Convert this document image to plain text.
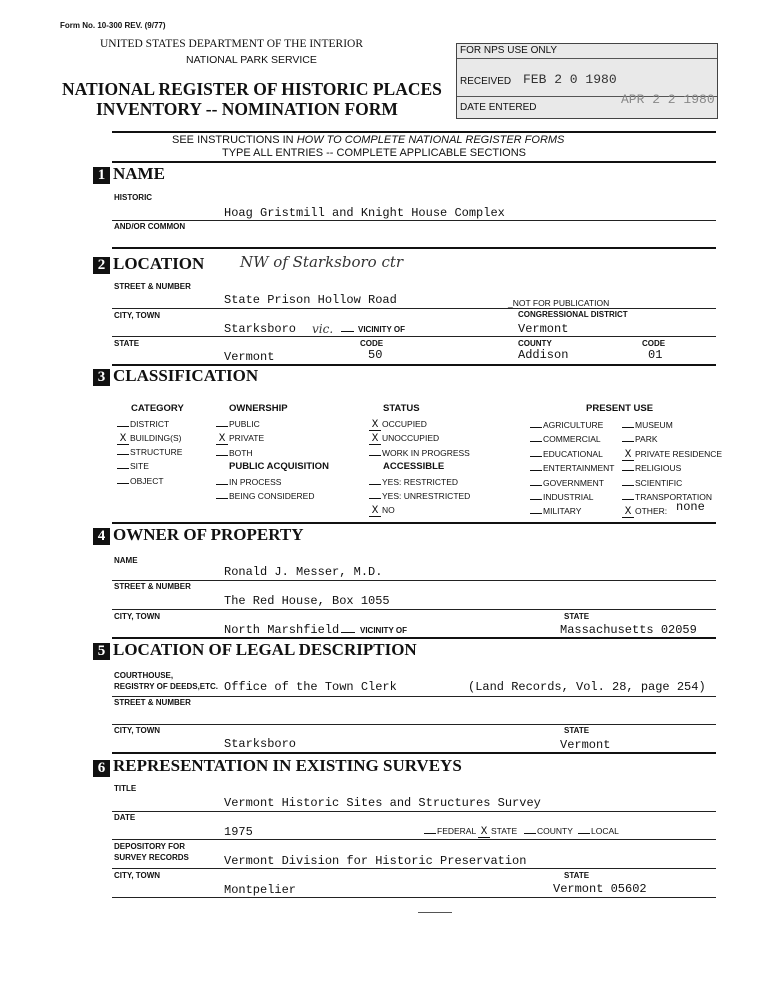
Form No. 10-300 REV. (9/77)
UNITED STATES DEPARTMENT OF THE INTERIOR
NATIONAL PARK SERVICE
NATIONAL REGISTER OF HISTORIC PLACES
INVENTORY -- NOMINATION FORM
FOR NPS USE ONLY
RECEIVED FEB 2 0 1980
DATE ENTERED
APR 2 2 1980
SEE INSTRUCTIONS IN HOW TO COMPLETE NATIONAL REGISTER FORMS
TYPE ALL ENTRIES -- COMPLETE APPLICABLE SECTIONS
1 NAME
HISTORIC
Hoag Gristmill and Knight House Complex
AND/OR COMMON
2 LOCATION NW of Starksboro ctr
STREET & NUMBER
State Prison Hollow Road	_NOT FOR PUBLICATION
CITY, TOWN	CONGRESSIONAL DISTRICT
Starksboro vic.	VICINITY OF	Vermont
STATE	CODE	COUNTY	CODE
Vermont	50	Addison	01
3 CLASSIFICATION
CATEGORY	OWNERSHIP	STATUS	PRESENT USE
PUBLIC ACQUISITION	ACCESSIBLE
DISTRICT
X BUILDING(S)
STRUCTURE
SITE
OBJECT
PUBLIC
X PRIVATE
BOTH
IN PROCESS
BEING CONSIDERED
X OCCUPIED
X UNOCCUPIED
WORK IN PROGRESS
YES: RESTRICTED
YES: UNRESTRICTED
X NO
AGRICULTURE
COMMERCIAL
EDUCATIONAL
ENTERTAINMENT
GOVERNMENT
INDUSTRIAL
MILITARY
MUSEUM
PARK
X PRIVATE RESIDENCE
RELIGIOUS
SCIENTIFIC
TRANSPORTATION
X OTHER: none
4 OWNER OF PROPERTY
NAME
Ronald J. Messer, M.D.
STREET & NUMBER
The Red House, Box 1055
CITY, TOWN	STATE
North Marshfield	VICINITY OF	Massachusetts 02059
5 LOCATION OF LEGAL DESCRIPTION
COURTHOUSE,
REGISTRY OF DEEDS,ETC. Office of the Town Clerk	(Land Records, Vol. 28, page 254)
STREET & NUMBER
CITY, TOWN	STATE
Starksboro	Vermont
6 REPRESENTATION IN EXISTING SURVEYS
TITLE
Vermont Historic Sites and Structures Survey
DATE
1975	FEDERAL X STATE	COUNTY	LOCAL
DEPOSITORY FOR
SURVEY RECORDS	Vermont Division for Historic Preservation
CITY, TOWN	STATE
Montpelier	Vermont 05602
